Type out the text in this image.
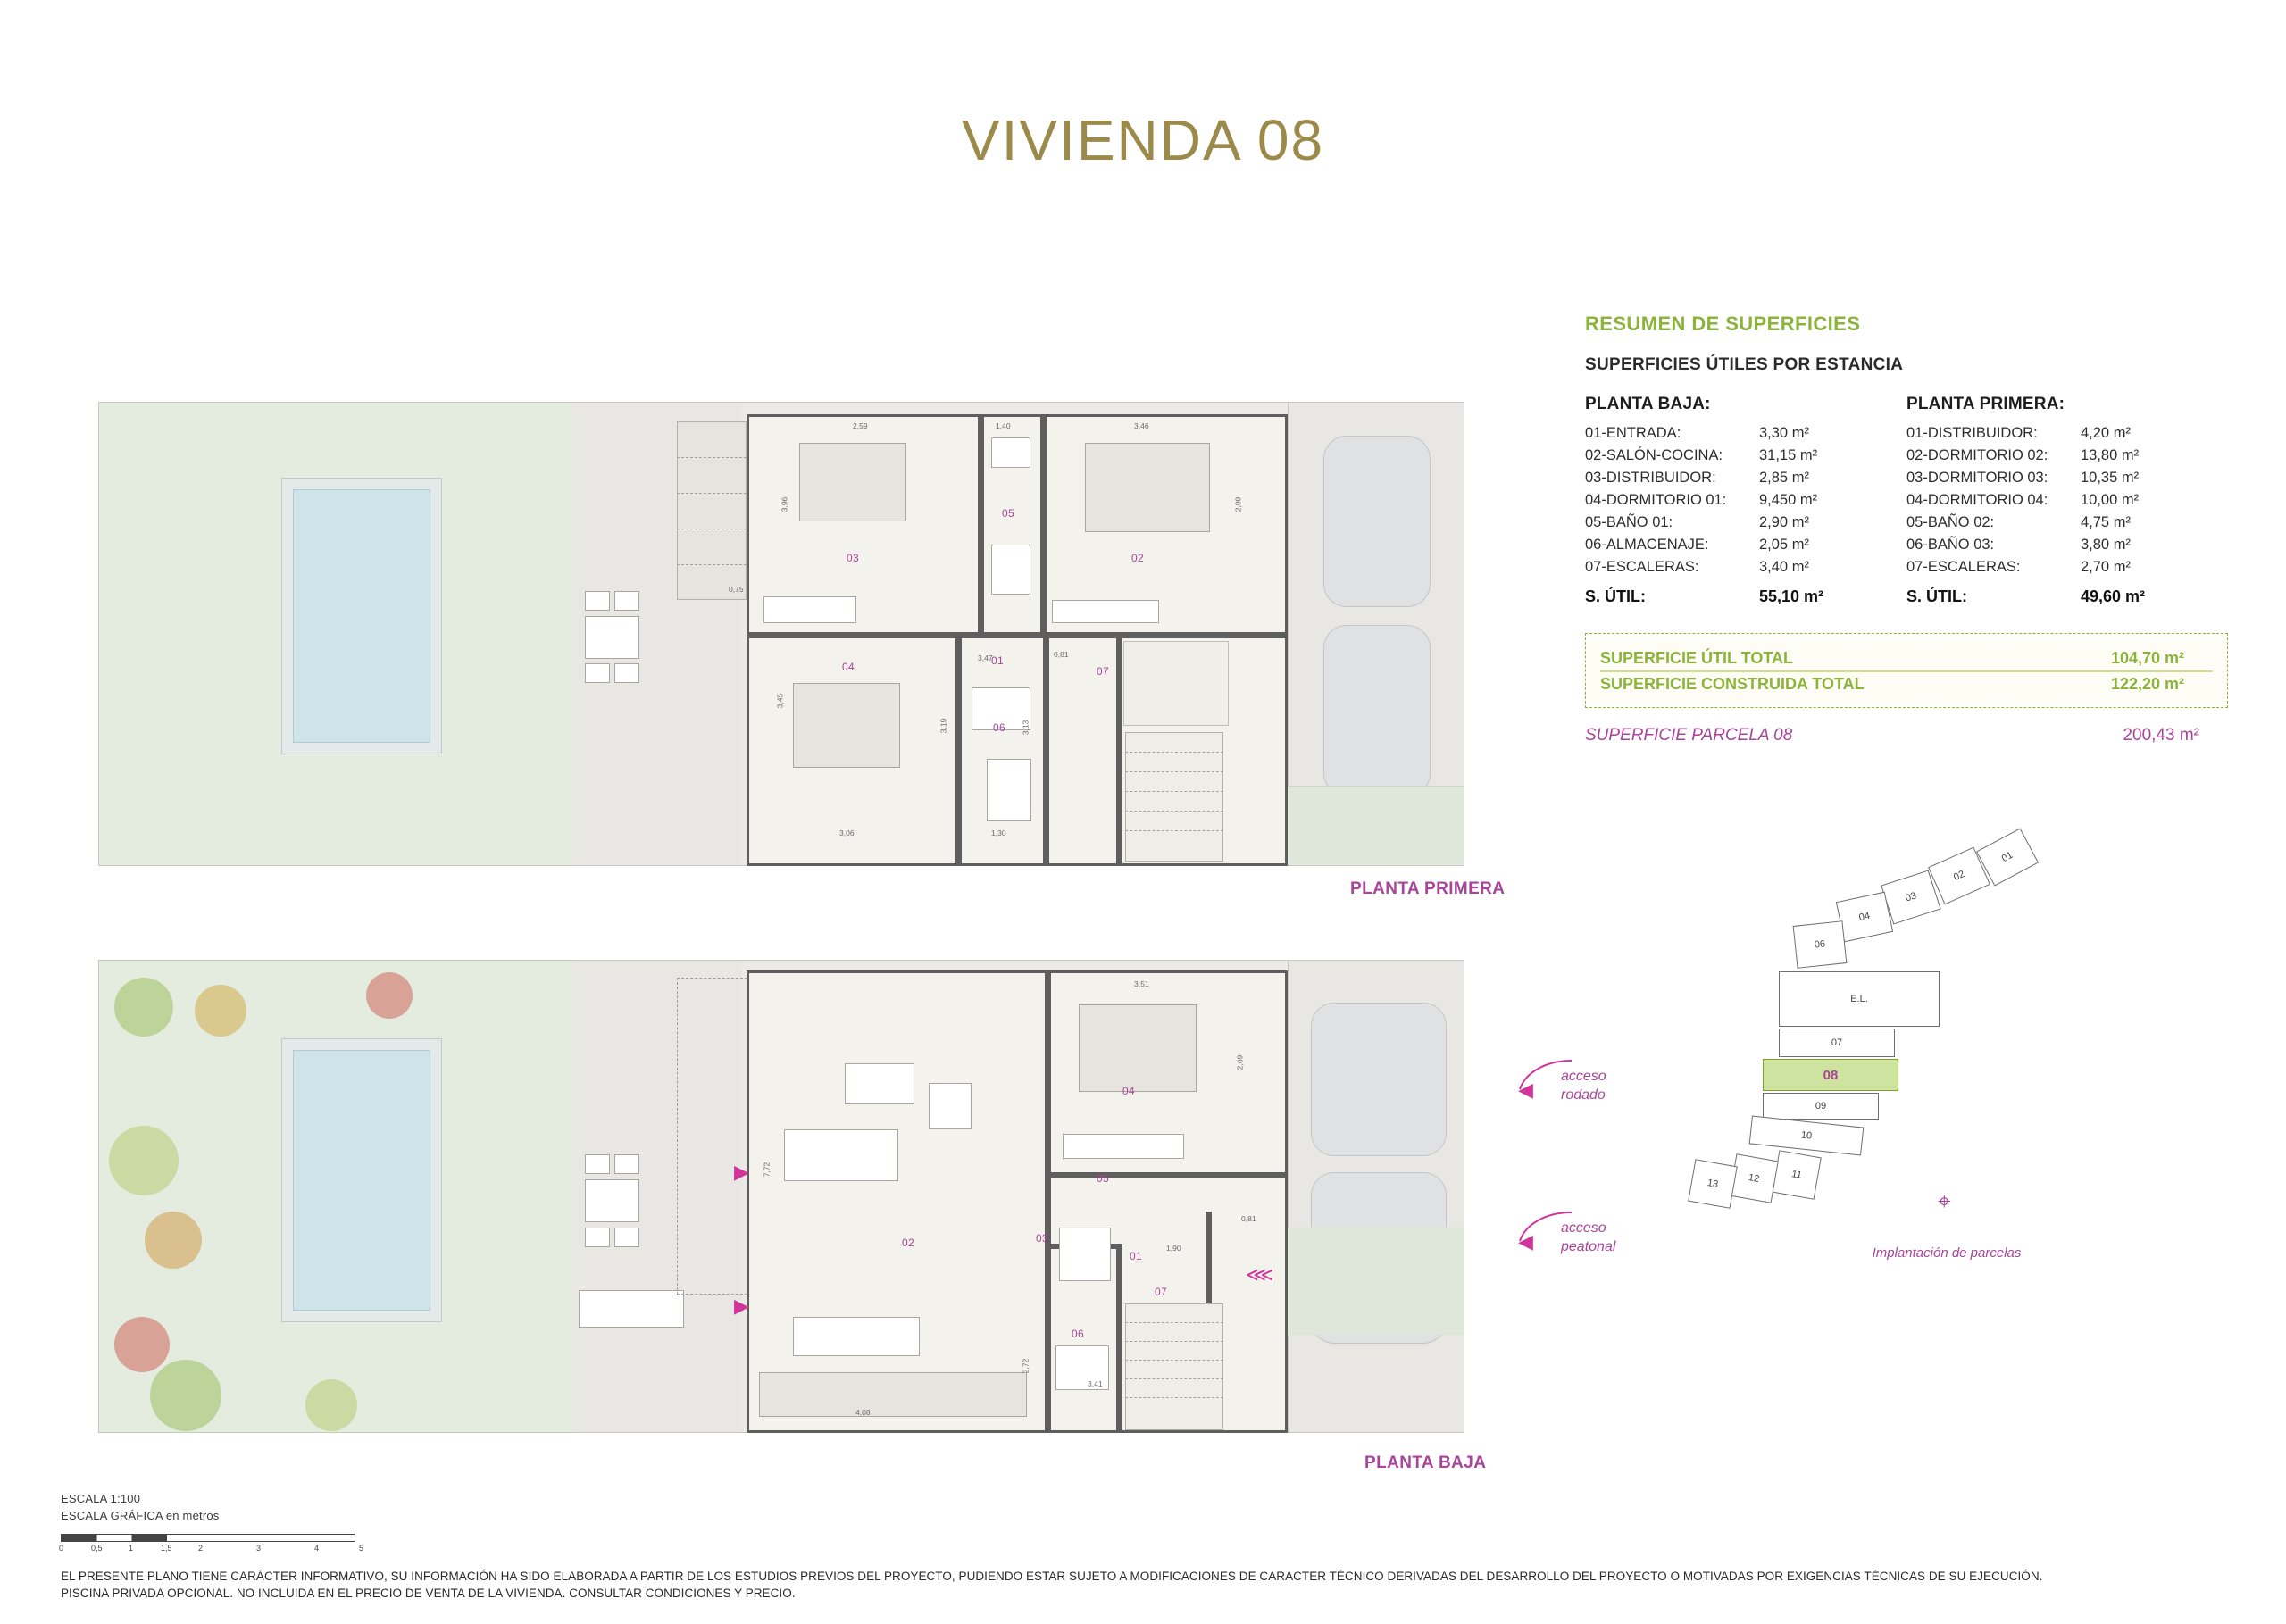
VIVIENDA 08
RESUMEN DE SUPERFICIES
SUPERFICIES ÚTILES POR ESTANCIA
PLANTA BAJA:
01-ENTRADA:	3,30 m²
02-SALÓN-COCINA:	31,15 m²
03-DISTRIBUIDOR:	2,85 m²
04-DORMITORIO 01:	9,450 m²
05-BAÑO 01:	2,90 m²
06-ALMACENAJE:	2,05 m²
07-ESCALERAS:	3,40 m²
S. ÚTIL:	55,10 m²
PLANTA PRIMERA:
01-DISTRIBUIDOR:	4,20 m²
02-DORMITORIO 02:	13,80 m²
03-DORMITORIO 03:	10,35 m²
04-DORMITORIO 04:	10,00 m²
05-BAÑO 02:	4,75 m²
06-BAÑO 03:	3,80 m²
07-ESCALERAS:	2,70 m²
S. ÚTIL:	49,60 m²
SUPERFICIE ÚTIL TOTAL	104,70 m²
SUPERFICIE CONSTRUIDA TOTAL	122,20 m²
SUPERFICIE PARCELA 08	200,43 m²
03
05
02
01
04
06
07
2,59	1,40	3,46
3,96	2,99
0,75
3,47	0,81
3,45
3,06
3,19	3,13
1,30
PLANTA PRIMERA
02
04
05
03
01
06
07
3,51
2,69
7,72
2,72
4,08
1,90
3,41
0,81
▶
▶
⋘
PLANTA BAJA
acceso
rodado
◀
acceso
peatonal
◀
01
02
03
04
06
E.L.
07
08
09
10
11
12
13
⌖
Implantación de parcelas
ESCALA 1:100
ESCALA GRÁFICA en metros
0	0,5	1	1,5	2	3	4	5
EL PRESENTE PLANO TIENE CARÁCTER INFORMATIVO, SU INFORMACIÓN HA SIDO ELABORADA A PARTIR DE LOS ESTUDIOS PREVIOS DEL PROYECTO, PUDIENDO ESTAR SUJETO A MODIFICACIONES DE CARACTER TÉCNICO DERIVADAS DEL DESARROLLO DEL PROYECTO O MOTIVADAS POR EXIGENCIAS TÉCNICAS DE SU EJECUCIÓN.
PISCINA PRIVADA OPCIONAL. NO INCLUIDA EN EL PRECIO DE VENTA DE LA VIVIENDA. CONSULTAR CONDICIONES Y PRECIO.
